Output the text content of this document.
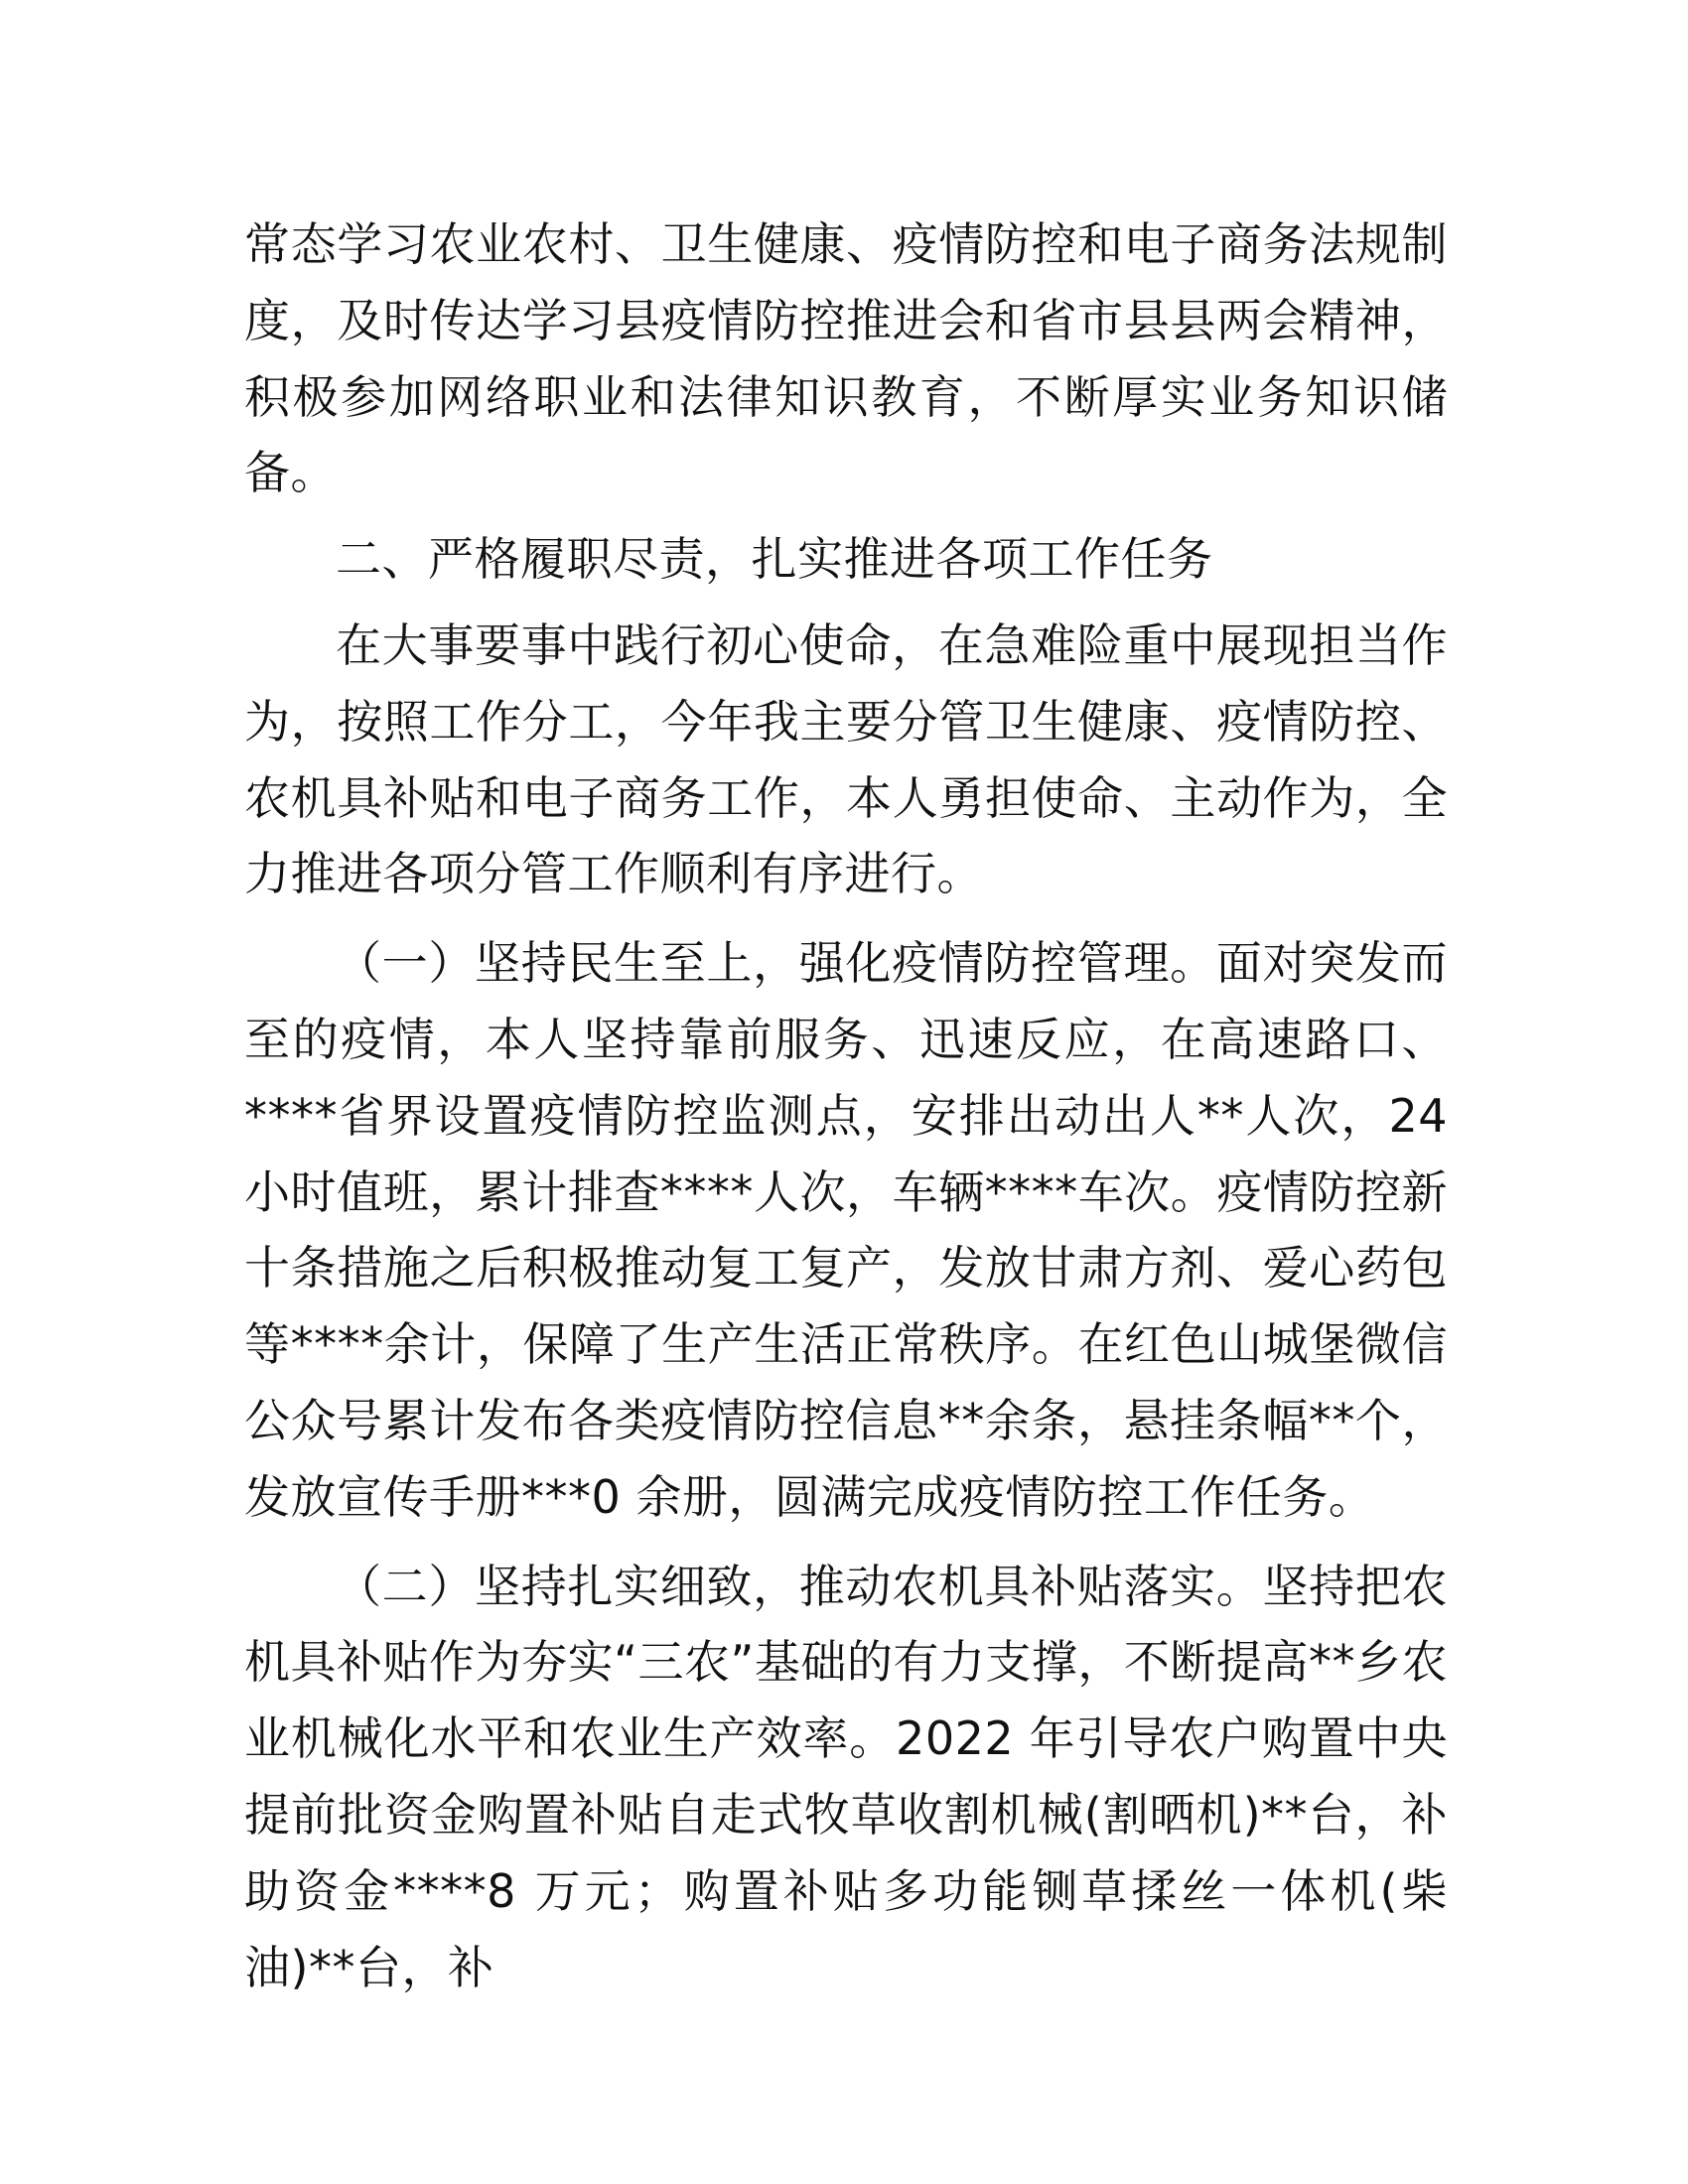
常态学习农业农村、卫生健康、疫情防控和电子商务法规制度，及时传达学习县疫情防控推进会和省市县县两会精神，积极参加网络职业和法律知识教育，不断厚实业务知识储备。

二、严格履职尽责，扎实推进各项工作任务

在大事要事中践行初心使命，在急难险重中展现担当作为，按照工作分工，今年我主要分管卫生健康、疫情防控、农机具补贴和电子商务工作，本人勇担使命、主动作为，全力推进各项分管工作顺利有序进行。

（一）坚持民生至上，强化疫情防控管理。面对突发而至的疫情，本人坚持靠前服务、迅速反应，在高速路口、****省界设置疫情防控监测点，安排出动出人**人次，24 小时值班，累计排查****人次，车辆****车次。疫情防控新十条措施之后积极推动复工复产，发放甘肃方剂、爱心药包等****余计，保障了生产生活正常秩序。在红色山城堡微信公众号累计发布各类疫情防控信息**余条，悬挂条幅**个，发放宣传手册***0 余册，圆满完成疫情防控工作任务。

（二）坚持扎实细致，推动农机具补贴落实。坚持把农机具补贴作为夯实“三农”基础的有力支撑，不断提高**乡农业机械化水平和农业生产效率。2022 年引导农户购置中央提前批资金购置补贴自走式牧草收割机械(割晒机)**台，补助资金****8 万元；购置补贴多功能铡草揉丝一体机(柴油)**台，补
